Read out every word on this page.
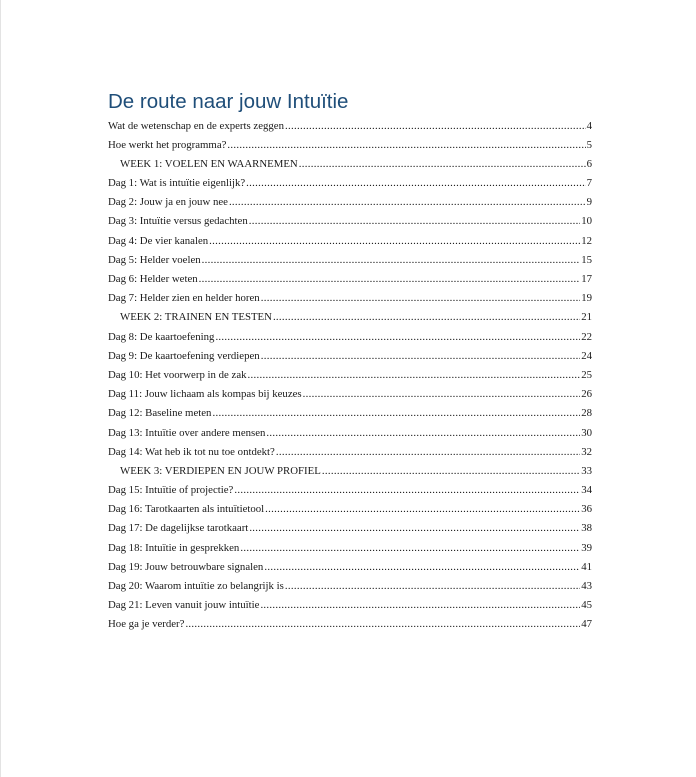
De route naar jouw Intuïtie
Wat de wetenschap en de experts zeggen .....	4
Hoe werkt het programma? .....	5
WEEK 1: VOELEN EN WAARNEMEN .....	6
Dag 1: Wat is intuïtie eigenlijk? .....	7
Dag 2: Jouw ja en jouw nee .....	9
Dag 3: Intuïtie versus gedachten .....	10
Dag 4: De vier kanalen .....	12
Dag 5: Helder voelen .....	15
Dag 6: Helder weten .....	17
Dag 7: Helder zien en helder horen .....	19
WEEK 2: TRAINEN EN TESTEN .....	21
Dag 8: De kaartoefening .....	22
Dag 9: De kaartoefening verdiepen .....	24
Dag 10: Het voorwerp in de zak .....	25
Dag 11: Jouw lichaam als kompas bij keuzes .....	26
Dag 12: Baseline meten .....	28
Dag 13: Intuïtie over andere mensen .....	30
Dag 14: Wat heb ik tot nu toe ontdekt? .....	32
WEEK 3: VERDIEPEN EN JOUW PROFIEL .....	33
Dag 15: Intuïtie of projectie? .....	34
Dag 16: Tarotkaarten als intuïtietool .....	36
Dag 17: De dagelijkse tarotkaart .....	38
Dag 18: Intuïtie in gesprekken .....	39
Dag 19: Jouw betrouwbare signalen .....	41
Dag 20: Waarom intuïtie zo belangrijk is .....	43
Dag 21: Leven vanuit jouw intuïtie .....	45
Hoe ga je verder? .....	47
